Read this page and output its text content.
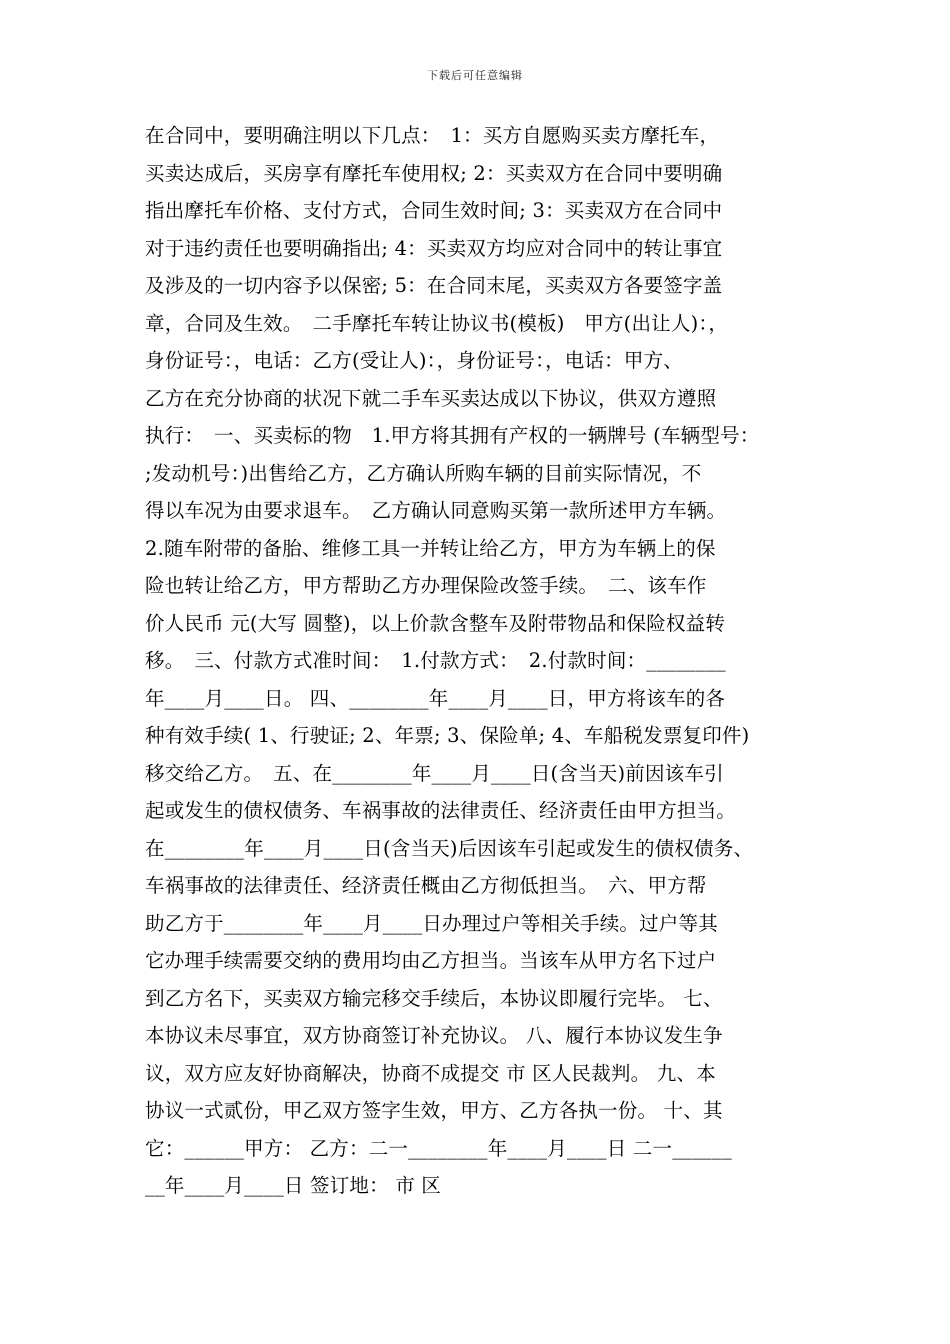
下载后可任意编辑
在合同中，要明确注明以下几点：　1：买方自愿购买卖方摩托车，
买卖达成后，买房享有摩托车使用权; 2：买卖双方在合同中要明确
指出摩托车价格、支付方式，合同生效时间; 3：买卖双方在合同中
对于违约责任也要明确指出; 4：买卖双方均应对合同中的转让事宜
及涉及的一切内容予以保密; 5：在合同末尾，买卖双方各要签字盖
章，合同及生效。　二手摩托车转让协议书(模板)　甲方(出让人)：，
身份证号：，电话：乙方(受让人)：，身份证号：，电话：甲方、
乙方在充分协商的状况下就二手车买卖达成以下协议，供双方遵照
执行：　一、买卖标的物　1.甲方将其拥有产权的一辆牌号 (车辆型号：
;发动机号：)出售给乙方，乙方确认所购车辆的目前实际情况，不
得以车况为由要求退车。　乙方确认同意购买第一款所述甲方车辆。
2.随车附带的备胎、维修工具一并转让给乙方，甲方为车辆上的保
险也转让给乙方，甲方帮助乙方办理保险改签手续。　二、该车作
价人民币 元(大写 圆整)，以上价款含整车及附带物品和保险权益转
移。　三、付款方式准时间：　1.付款方式：　2.付款时间：________
年____月____日。 四、________年____月____日，甲方将该车的各
种有效手续( 1、行驶证; 2、年票; 3、保险单; 4、车船税发票复印件)
移交给乙方。　五、在________年____月____日(含当天)前因该车引
起或发生的债权债务、车祸事故的法律责任、经济责任由甲方担当。
在________年____月____日(含当天)后因该车引起或发生的债权债务、
车祸事故的法律责任、经济责任概由乙方彻低担当。　六、甲方帮
助乙方于________年____月____日办理过户等相关手续。过户等其
它办理手续需要交纳的费用均由乙方担当。当该车从甲方名下过户
到乙方名下，买卖双方输完移交手续后，本协议即履行完毕。 七、
本协议未尽事宜，双方协商签订补充协议。 八、履行本协议发生争
议，双方应友好协商解决，协商不成提交 市 区人民裁判。 九、本
协议一式贰份，甲乙双方签字生效，甲方、乙方各执一份。 十、其
它：______甲方： 乙方：二一________年____月____日 二一______
__年____月____日 签订地： 市 区
